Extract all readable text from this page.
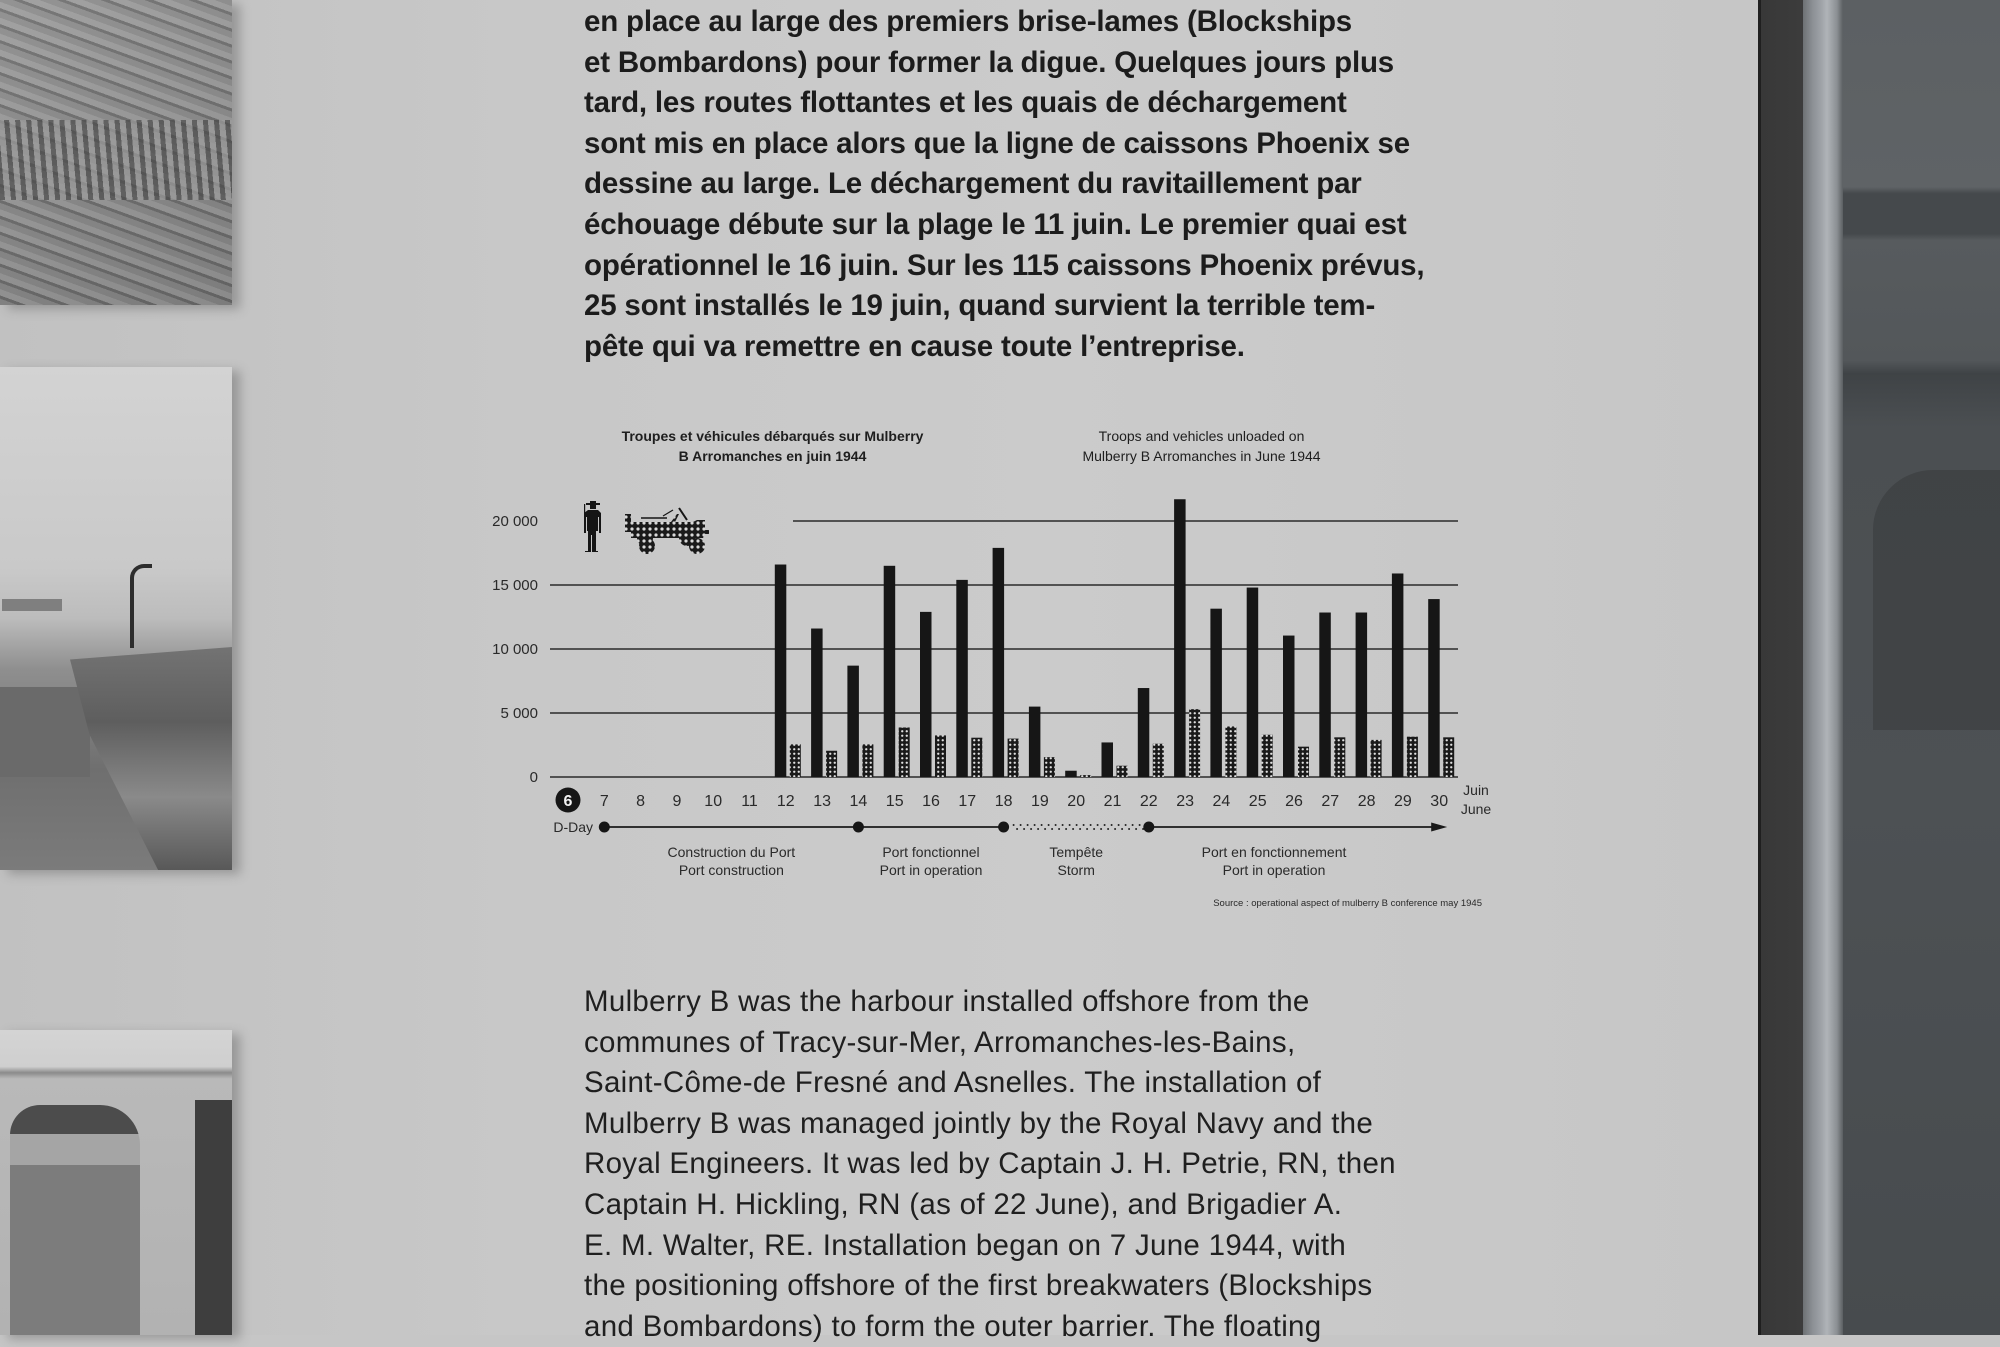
en place au large des premiers brise-lames (Blockships
et Bombardons) pour former la digue. Quelques jours plus
tard, les routes flottantes et les quais de déchargement
sont mis en place alors que la ligne de caissons Phoenix se
dessine au large. Le déchargement du ravitaillement par
échouage débute sur la plage le 11 juin. Le premier quai est
opérationnel le 16 juin. Sur les 115 caissons Phoenix prévus,
25 sont installés le 19 juin, quand survient la terrible tem-
pête qui va remettre en cause toute l’entreprise.
Troupes et véhicules débarqués sur Mulberry
B Arromanches en juin 1944
Troops and vehicles unloaded on
Mulberry B Arromanches in June 1944
0
5 000
10 000
15 000
20 000
6 7 8 9 10 11 12 13 14 15 16 17 18 19 20 21 22 23 24 25 26 27 28 29 30
D-Day
Construction du Port
Port construction
Port fonctionnel
Port in operation
Tempête
Storm
Port en fonctionnement
Port in operation
Juin
June
Source : operational aspect of mulberry B conference may 1945
Mulberry B was the harbour installed offshore from the
communes of Tracy-sur-Mer, Arromanches-les-Bains,
Saint-Côme-de Fresné and Asnelles. The installation of
Mulberry B was managed jointly by the Royal Navy and the
Royal Engineers. It was led by Captain J. H. Petrie, RN, then
Captain H. Hickling, RN (as of 22 June), and Brigadier A.
E. M. Walter, RE. Installation began on 7 June 1944, with
the positioning offshore of the first breakwaters (Blockships
and Bombardons) to form the outer barrier. The floating
